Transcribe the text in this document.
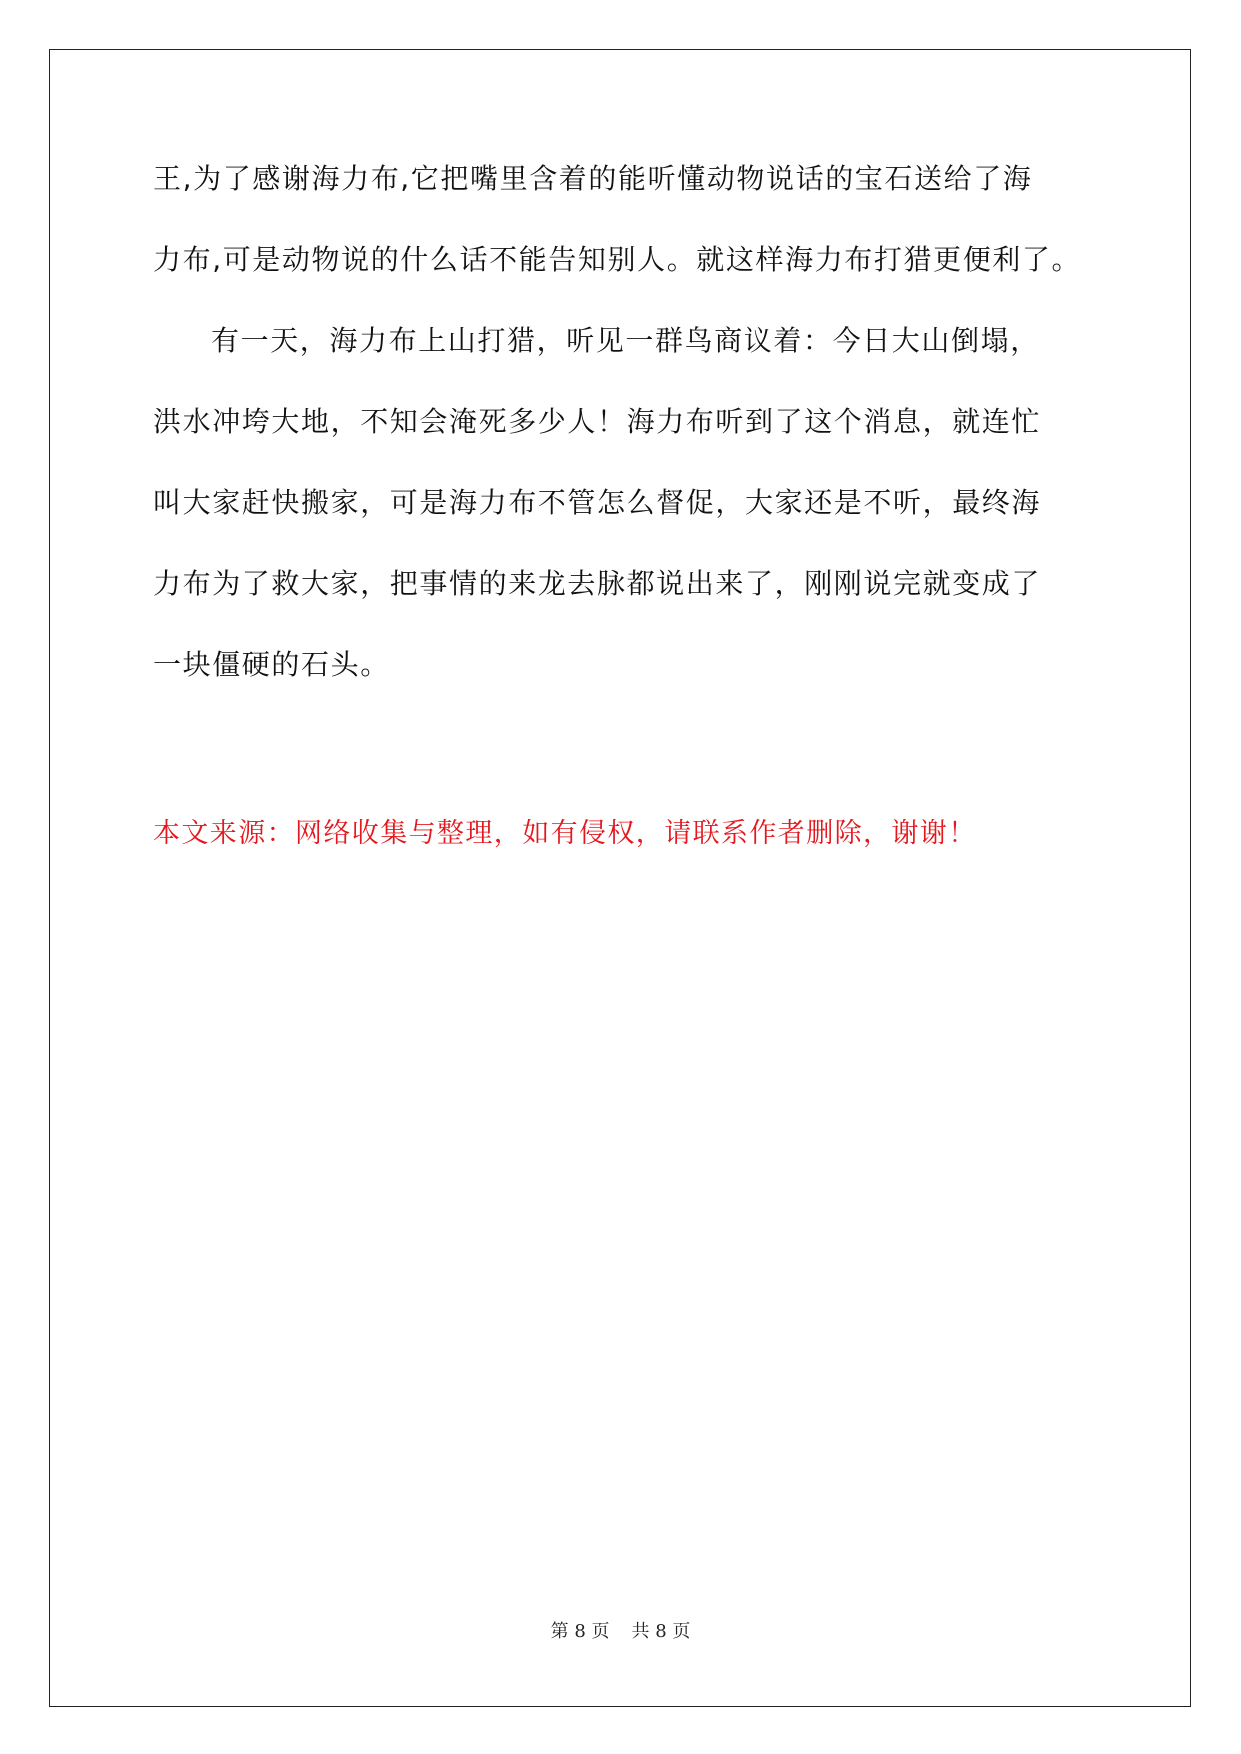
王,为了感谢海力布,它把嘴里含着的能听懂动物说话的宝石送给了海
力布,可是动物说的什么话不能告知别人。就这样海力布打猎更便利了。
有一天，海力布上山打猎，听见一群鸟商议着：今日大山倒塌，
洪水冲垮大地，不知会淹死多少人！海力布听到了这个消息，就连忙
叫大家赶快搬家，可是海力布不管怎么督促，大家还是不听，最终海
力布为了救大家，把事情的来龙去脉都说出来了，刚刚说完就变成了
一块僵硬的石头。
本文来源：网络收集与整理，如有侵权，请联系作者删除，谢谢！
第 8 页 共 8 页
